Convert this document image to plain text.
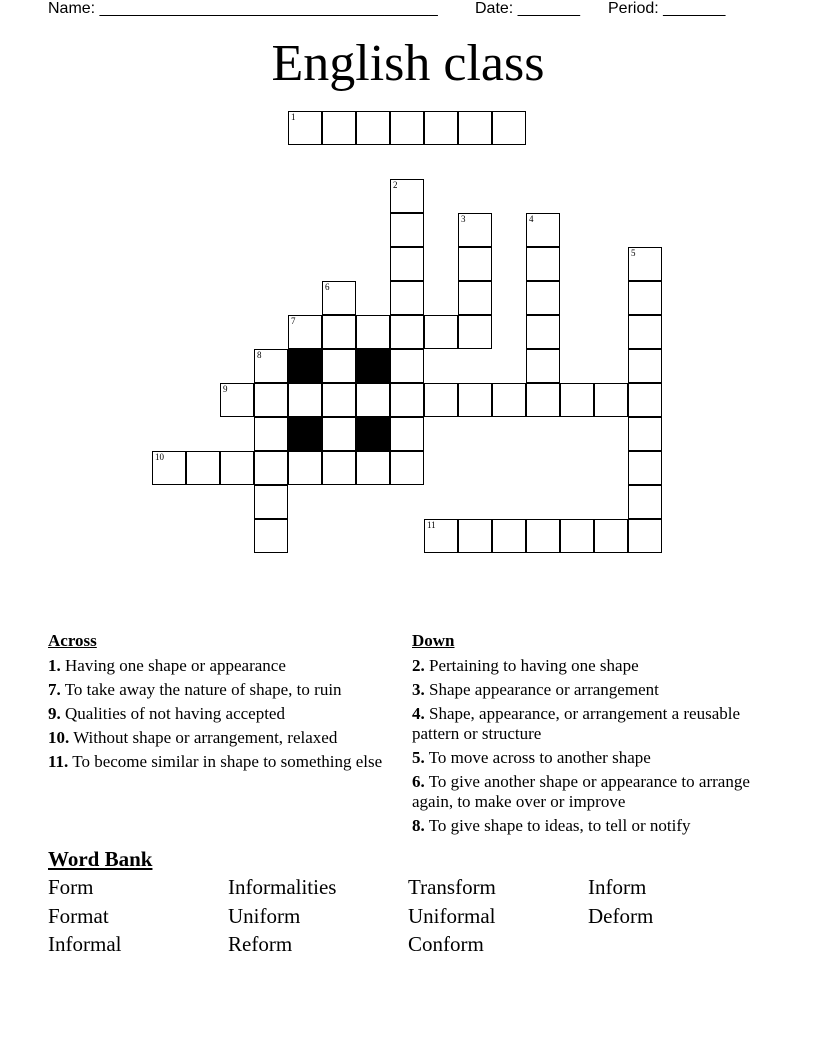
Name: ______________________________________ Date: _______ Period: _______
English class
1
2
3	4
5
6
7
8
9
10
11
Across
1. Having one shape or appearance
7. To take away the nature of shape, to ruin
9. Qualities of not having accepted
10. Without shape or arrangement, relaxed
11. To become similar in shape to something else
Down
2. Pertaining to having one shape
3. Shape appearance or arrangement
4. Shape, appearance, or arrangement a reusable pattern or structure
5. To move across to another shape
6. To give another shape or appearance to arrange again, to make over or improve
8. To give shape to ideas, to tell or notify
Word Bank
Form	Informalities	Transform	Inform
Format	Uniform	Uniformal	Deform
Informal	Reform	Conform
